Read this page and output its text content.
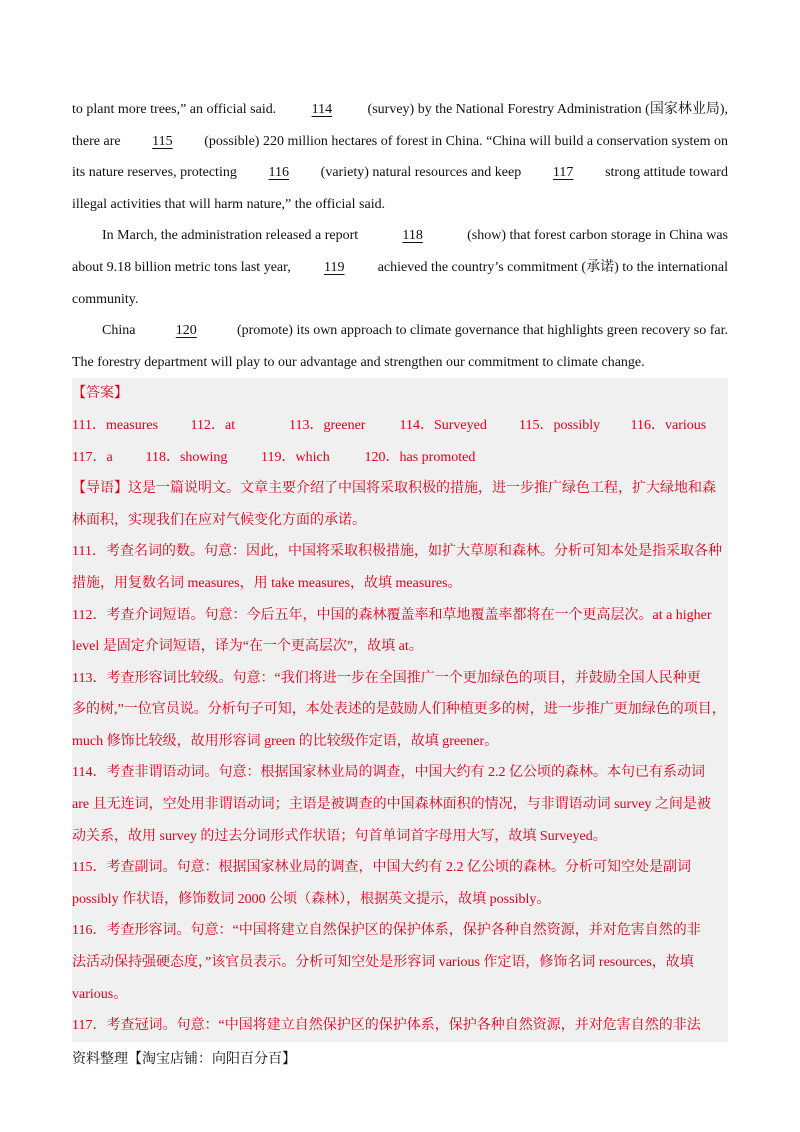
to plant more trees,” an official said.	114	(survey) by the National Forestry Administration (国家林业局),
there are	115	(possible) 220 million hectares of forest in China. “China will build a conservation system on
its nature reserves, protecting	116	(variety) natural resources and keep	117	strong attitude toward
illegal activities that will harm nature,” the official said.
In March, the administration released a report	118	(show) that forest carbon storage in China was
about 9.18 billion metric tons last year,	119	achieved the country’s commitment (承诺) to the international
community.
China	120	(promote) its own approach to climate governance that highlights green recovery so far.
The forestry department will play to our advantage and strengthen our commitment to climate change.
【答案】
111．measures 112．at	113．greener 114．Surveyed 115．possibly 116．various
117．a 118．showing 119．which 120．has promoted
【导语】这是一篇说明文。文章主要介绍了中国将采取积极的措施，进一步推广绿色工程，扩大绿地和森
林面积，实现我们在应对气候变化方面的承诺。
111．考查名词的数。句意：因此，中国将采取积极措施，如扩大草原和森林。分析可知本处是指采取各种
措施，用复数名词 measures，用 take measures，故填 measures。
112．考查介词短语。句意：今后五年，中国的森林覆盖率和草地覆盖率都将在一个更高层次。at a higher
level 是固定介词短语，译为“在一个更高层次”，故填 at。
113．考查形容词比较级。句意：“我们将进一步在全国推广一个更加绿色的项目，并鼓励全国人民种更
多的树,”一位官员说。分析句子可知，本处表述的是鼓励人们种植更多的树，进一步推广更加绿色的项目，
much 修饰比较级，故用形容词 green 的比较级作定语，故填 greener。
114．考查非谓语动词。句意：根据国家林业局的调查，中国大约有 2.2 亿公顷的森林。本句已有系动词
are 且无连词，空处用非谓语动词；主语是被调查的中国森林面积的情况，与非谓语动词 survey 之间是被
动关系，故用 survey 的过去分词形式作状语；句首单词首字母用大写，故填 Surveyed。
115．考查副词。句意：根据国家林业局的调查，中国大约有 2.2 亿公顷的森林。分析可知空处是副词
possibly 作状语，修饰数词 2000 公顷（森林），根据英文提示，故填 possibly。
116．考查形容词。句意：“中国将建立自然保护区的保护体系，保护各种自然资源，并对危害自然的非
法活动保持强硬态度，”该官员表示。分析可知空处是形容词 various 作定语，修饰名词 resources，故填
various。
117．考查冠词。句意：“中国将建立自然保护区的保护体系，保护各种自然资源，并对危害自然的非法
资料整理【淘宝店铺：向阳百分百】
